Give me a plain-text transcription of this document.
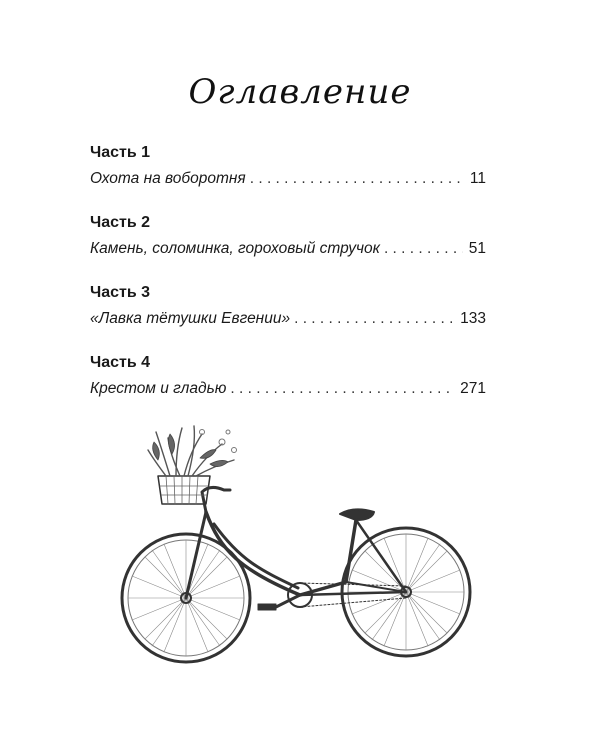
Оглавление
Часть 1
Охота на воборотня . . .	11
Часть 2
Камень, соломинка, гороховый стручок . . .	51
Часть 3
«Лавка тётушки Евгении» . . .	133
Часть 4
Крестом и гладью . . .	271
